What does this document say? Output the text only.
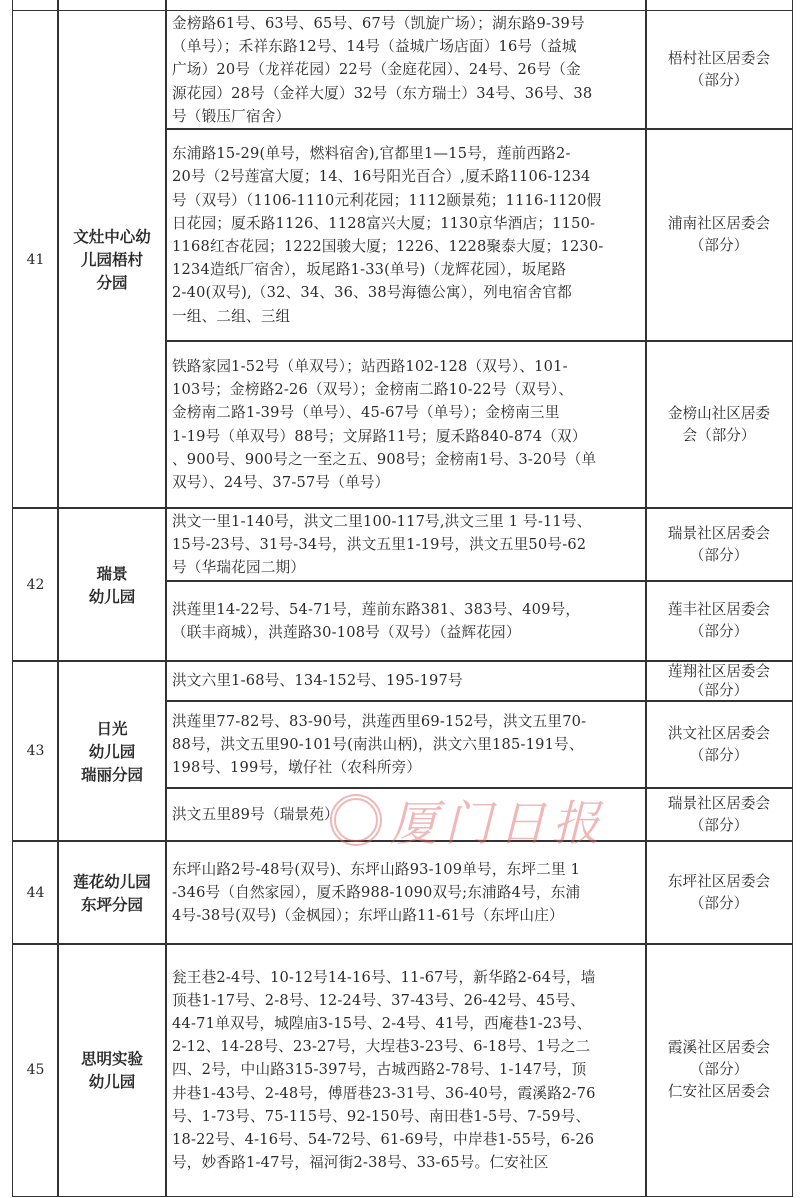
41
文灶中心幼
儿园梧村
分园
金榜路61号、63号、65号、67号（凯旋广场）；湖东路9-39号
（单号）；禾祥东路12号、14号（益城广场店面）16号（益城
广场）20号（龙祥花园）22号（金庭花园）、24号、26号（金
源花园）28号（金祥大厦）32号（东方瑞士）34号、36号、38
号（锻压厂宿舍）
梧村社区居委会
（部分）
东浦路15-29(单号，燃料宿舍),官都里1—15号，莲前西路2-
20号（2号莲富大厦；14、16号阳光百合）,厦禾路1106-1234
号（双号）（1106-1110元利花园；1112颐景苑；1116-1120假
日花园；厦禾路1126、1128富兴大厦；1130京华酒店；1150-
1168红杏花园；1222国骏大厦；1226、1228聚泰大厦；1230-
1234造纸厂宿舍），坂尾路1-33(单号)（龙辉花园），坂尾路
2-40(双号),（32、34、36、38号海德公寓），列电宿舍官都
一组、二组、三组
浦南社区居委会
（部分）
铁路家园1-52号（单双号）；站西路102-128（双号）、101-
103号；金榜路2-26（双号）；金榜南二路10-22号（双号）、
金榜南二路1-39号（单号）、45-67号（单号）；金榜南三里
1-19号（单双号）88号；文屏路11号；厦禾路840-874（双）
、900号、900号之一至之五、908号；金榜南1号、3-20号（单
双号）、24号、37-57号（单号）
金榜山社区居委
会（部分）
42
瑞景
幼儿园
洪文一里1-140号，洪文二里100-117号,洪文三里 1 号-11号、
15号-23号、31号-34号，洪文五里1-19号，洪文五里50号-62
号（华瑞花园二期）
瑞景社区居委会
（部分）
洪莲里14-22号、54-71号，莲前东路381、383号、409号，
（联丰商城），洪莲路30-108号（双号）（益辉花园）
莲丰社区居委会
（部分）
43
日光
幼儿园
瑞丽分园
洪文六里1-68号、134-152号、195-197号
莲翔社区居委会
（部分）
洪莲里77-82号、83-90号，洪莲西里69-152号，洪文五里70-
88号，洪文五里90-101号(南洪山柄)，洪文六里185-191号、
198号、199号，墩仔社（农科所旁）
洪文社区居委会
（部分）
洪文五里89号（瑞景苑）
瑞景社区居委会
（部分）
44
莲花幼儿园
东坪分园
东坪山路2号-48号(双号)、东坪山路93-109单号，东坪二里 1
-346号（自然家园），厦禾路988-1090双号;东浦路4号，东浦
4号-38号(双号)（金枫园）；东坪山路11-61号（东坪山庄）
东坪社区居委会
（部分）
45
思明实验
幼儿园
瓮王巷2-4号、10-12号14-16号、11-67号，新华路2-64号，墙
顶巷1-17号、2-8号、12-24号、37-43号、26-42号、45号、
44-71单双号，城隍庙3-15号、2-4号、41号，西庵巷1-23号、
2-12、14-28号、23-27号，大埕巷3-23号、6-18号、1号之二
四、2号，中山路315-397号，古城西路2-78号、1-147号，顶
井巷1-43号、2-48号，傅厝巷23-31号、36-40号，霞溪路2-76
号、1-73号、75-115号、92-150号、南田巷1-5号、7-59号、
18-22号、4-16号、54-72号、61-69号，中岸巷1-55号，6-26
号，妙香路1-47号，福河街2-38号、33-65号。仁安社区
霞溪社区居委会
（部分）
仁安社区居委会
厦门日报
